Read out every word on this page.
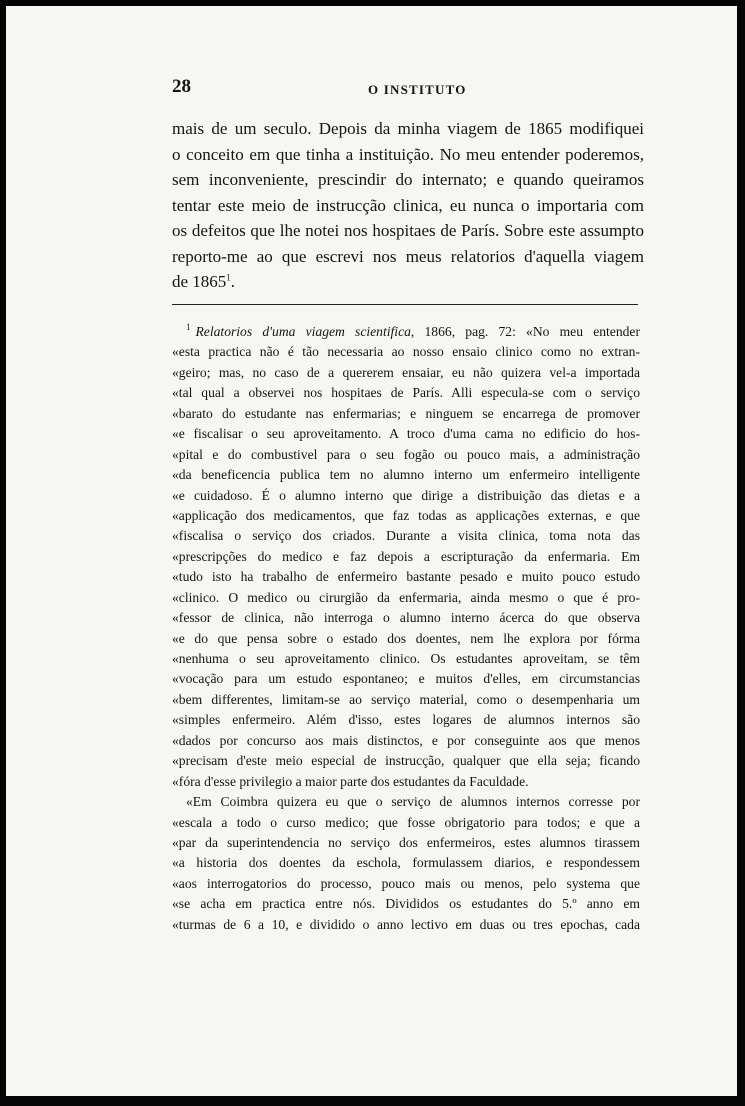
28	O INSTITUTO
mais de um seculo. Depois da minha viagem de 1865 modifiquei
o conceito em que tinha a instituição. No meu entender poderemos,
sem inconveniente, prescindir do internato; e quando queiramos
tentar este meio de instrucção clinica, eu nunca o importaria com
os defeitos que lhe notei nos hospitaes de París. Sobre este assumpto
reporto-me ao que escrevi nos meus relatorios d'aquella viagem
de 1865$^1$.
$^1$ Relatorios d'uma viagem scientifica, 1866, pag. 72: «No meu entender
«esta practica não é tão necessaria ao nosso ensaio clinico como no extran-
«geiro; mas, no caso de a quererem ensaiar, eu não quizera vel-a importada
«tal qual a observei nos hospitaes de París. Alli especula-se com o serviço
«barato do estudante nas enfermarias; e ninguem se encarrega de promover
«e fiscalisar o seu aproveitamento. A troco d'uma cama no edificio do hos-
«pital e do combustivel para o seu fogão ou pouco mais, a administração
«da beneficencia publica tem no alumno interno um enfermeiro intelligente
«e cuidadoso. É o alumno interno que dirige a distribuição das dietas e a
«applicação dos medicamentos, que faz todas as applicações externas, e que
«fiscalisa o serviço dos criados. Durante a visita clinica, toma nota das
«prescripções do medico e faz depois a escripturação da enfermaria. Em
«tudo isto ha trabalho de enfermeiro bastante pesado e muito pouco estudo
«clinico. O medico ou cirurgião da enfermaria, ainda mesmo o que é pro-
«fessor de clinica, não interroga o alumno interno ácerca do que observa
«e do que pensa sobre o estado dos doentes, nem lhe explora por fórma
«nenhuma o seu aproveitamento clinico. Os estudantes aproveitam, se têm
«vocação para um estudo espontaneo; e muitos d'elles, em circumstancias
«bem differentes, limitam-se ao serviço material, como o desempenharia um
«simples enfermeiro. Além d'isso, estes logares de alumnos internos são
«dados por concurso aos mais distinctos, e por conseguinte aos que menos
«precisam d'este meio especial de instrucção, qualquer que ella seja; ficando
«fóra d'esse privilegio a maior parte dos estudantes da Faculdade.
«Em Coimbra quizera eu que o serviço de alumnos internos corresse por
«escala a todo o curso medico; que fosse obrigatorio para todos; e que a
«par da superintendencia no serviço dos enfermeiros, estes alumnos tirassem
«a historia dos doentes da eschola, formulassem diarios, e respondessem
«aos interrogatorios do processo, pouco mais ou menos, pelo systema que
«se acha em practica entre nós. Divididos os estudantes do 5.º anno em
«turmas de 6 a 10, e dividido o anno lectivo em duas ou tres epochas, cada
